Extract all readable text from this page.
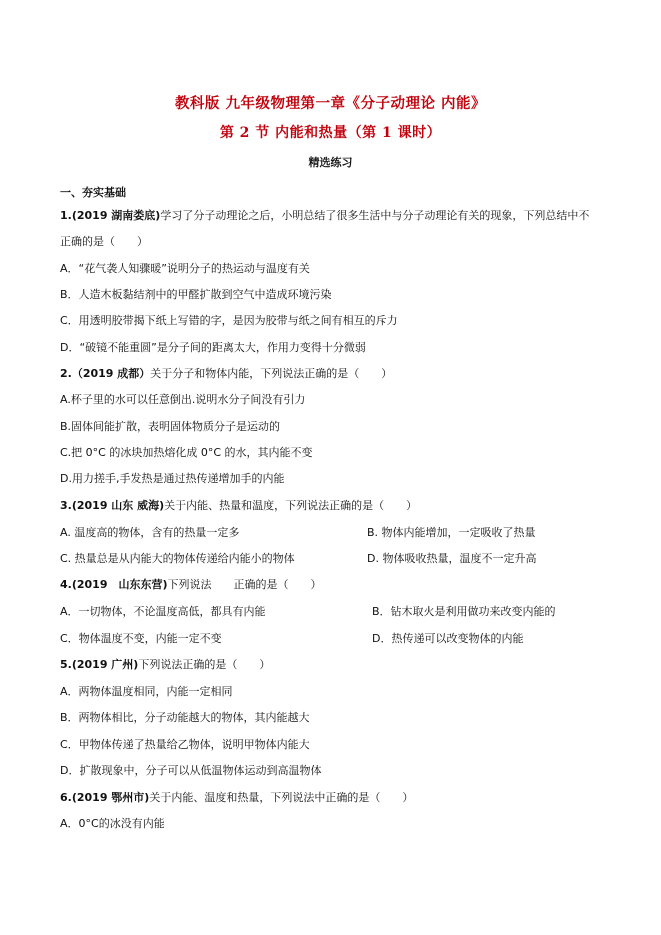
教科版 九年级物理第一章《分子动理论 内能》
第 2 节 内能和热量（第 1 课时）
精选练习
一、夯实基础
1.(2019 湖南娄底)学习了分子动理论之后，小明总结了很多生活中与分子动理论有关的现象，下列总结中不
正确的是（　　）
A．“花气袭人知骤暖”说明分子的热运动与温度有关
B．人造木板黏结剂中的甲醛扩散到空气中造成环境污染
C．用透明胶带揭下纸上写错的字，是因为胶带与纸之间有相互的斥力
D．“破镜不能重圆”是分子间的距离太大，作用力变得十分微弱
2.（2019 成都）关于分子和物体内能，下列说法正确的是（　　）
A.杯子里的水可以任意倒出.说明水分子间没有引力
B.固体间能扩散，表明固体物质分子是运动的
C.把 0°C 的冰块加热熔化成 0°C 的水，其内能不变
D.用力搓手,手发热是通过热传递增加手的内能
3.(2019 山东 威海)关于内能、热量和温度，下列说法正确的是（　　）
A. 温度高的物体，含有的热量一定多	B. 物体内能增加，一定吸收了热量
C. 热量总是从内能大的物体传递给内能小的物体	D. 物体吸收热量，温度不一定升高
4.(2019　山东东营)下列说法　　正确的是（　　）
A．一切物体，不论温度高低，都具有内能	B．钻木取火是利用做功来改变内能的
C．物体温度不变，内能一定不变	D．热传递可以改变物体的内能
5.(2019 广州)下列说法正确的是（　　）
A．两物体温度相同，内能一定相同
B．两物体相比，分子动能越大的物体，其内能越大
C．甲物体传递了热量给乙物体，说明甲物体内能大
D．扩散现象中，分子可以从低温物体运动到高温物体
6.(2019 鄂州市)关于内能、温度和热量，下列说法中正确的是（　　）
A．0°C的冰没有内能
